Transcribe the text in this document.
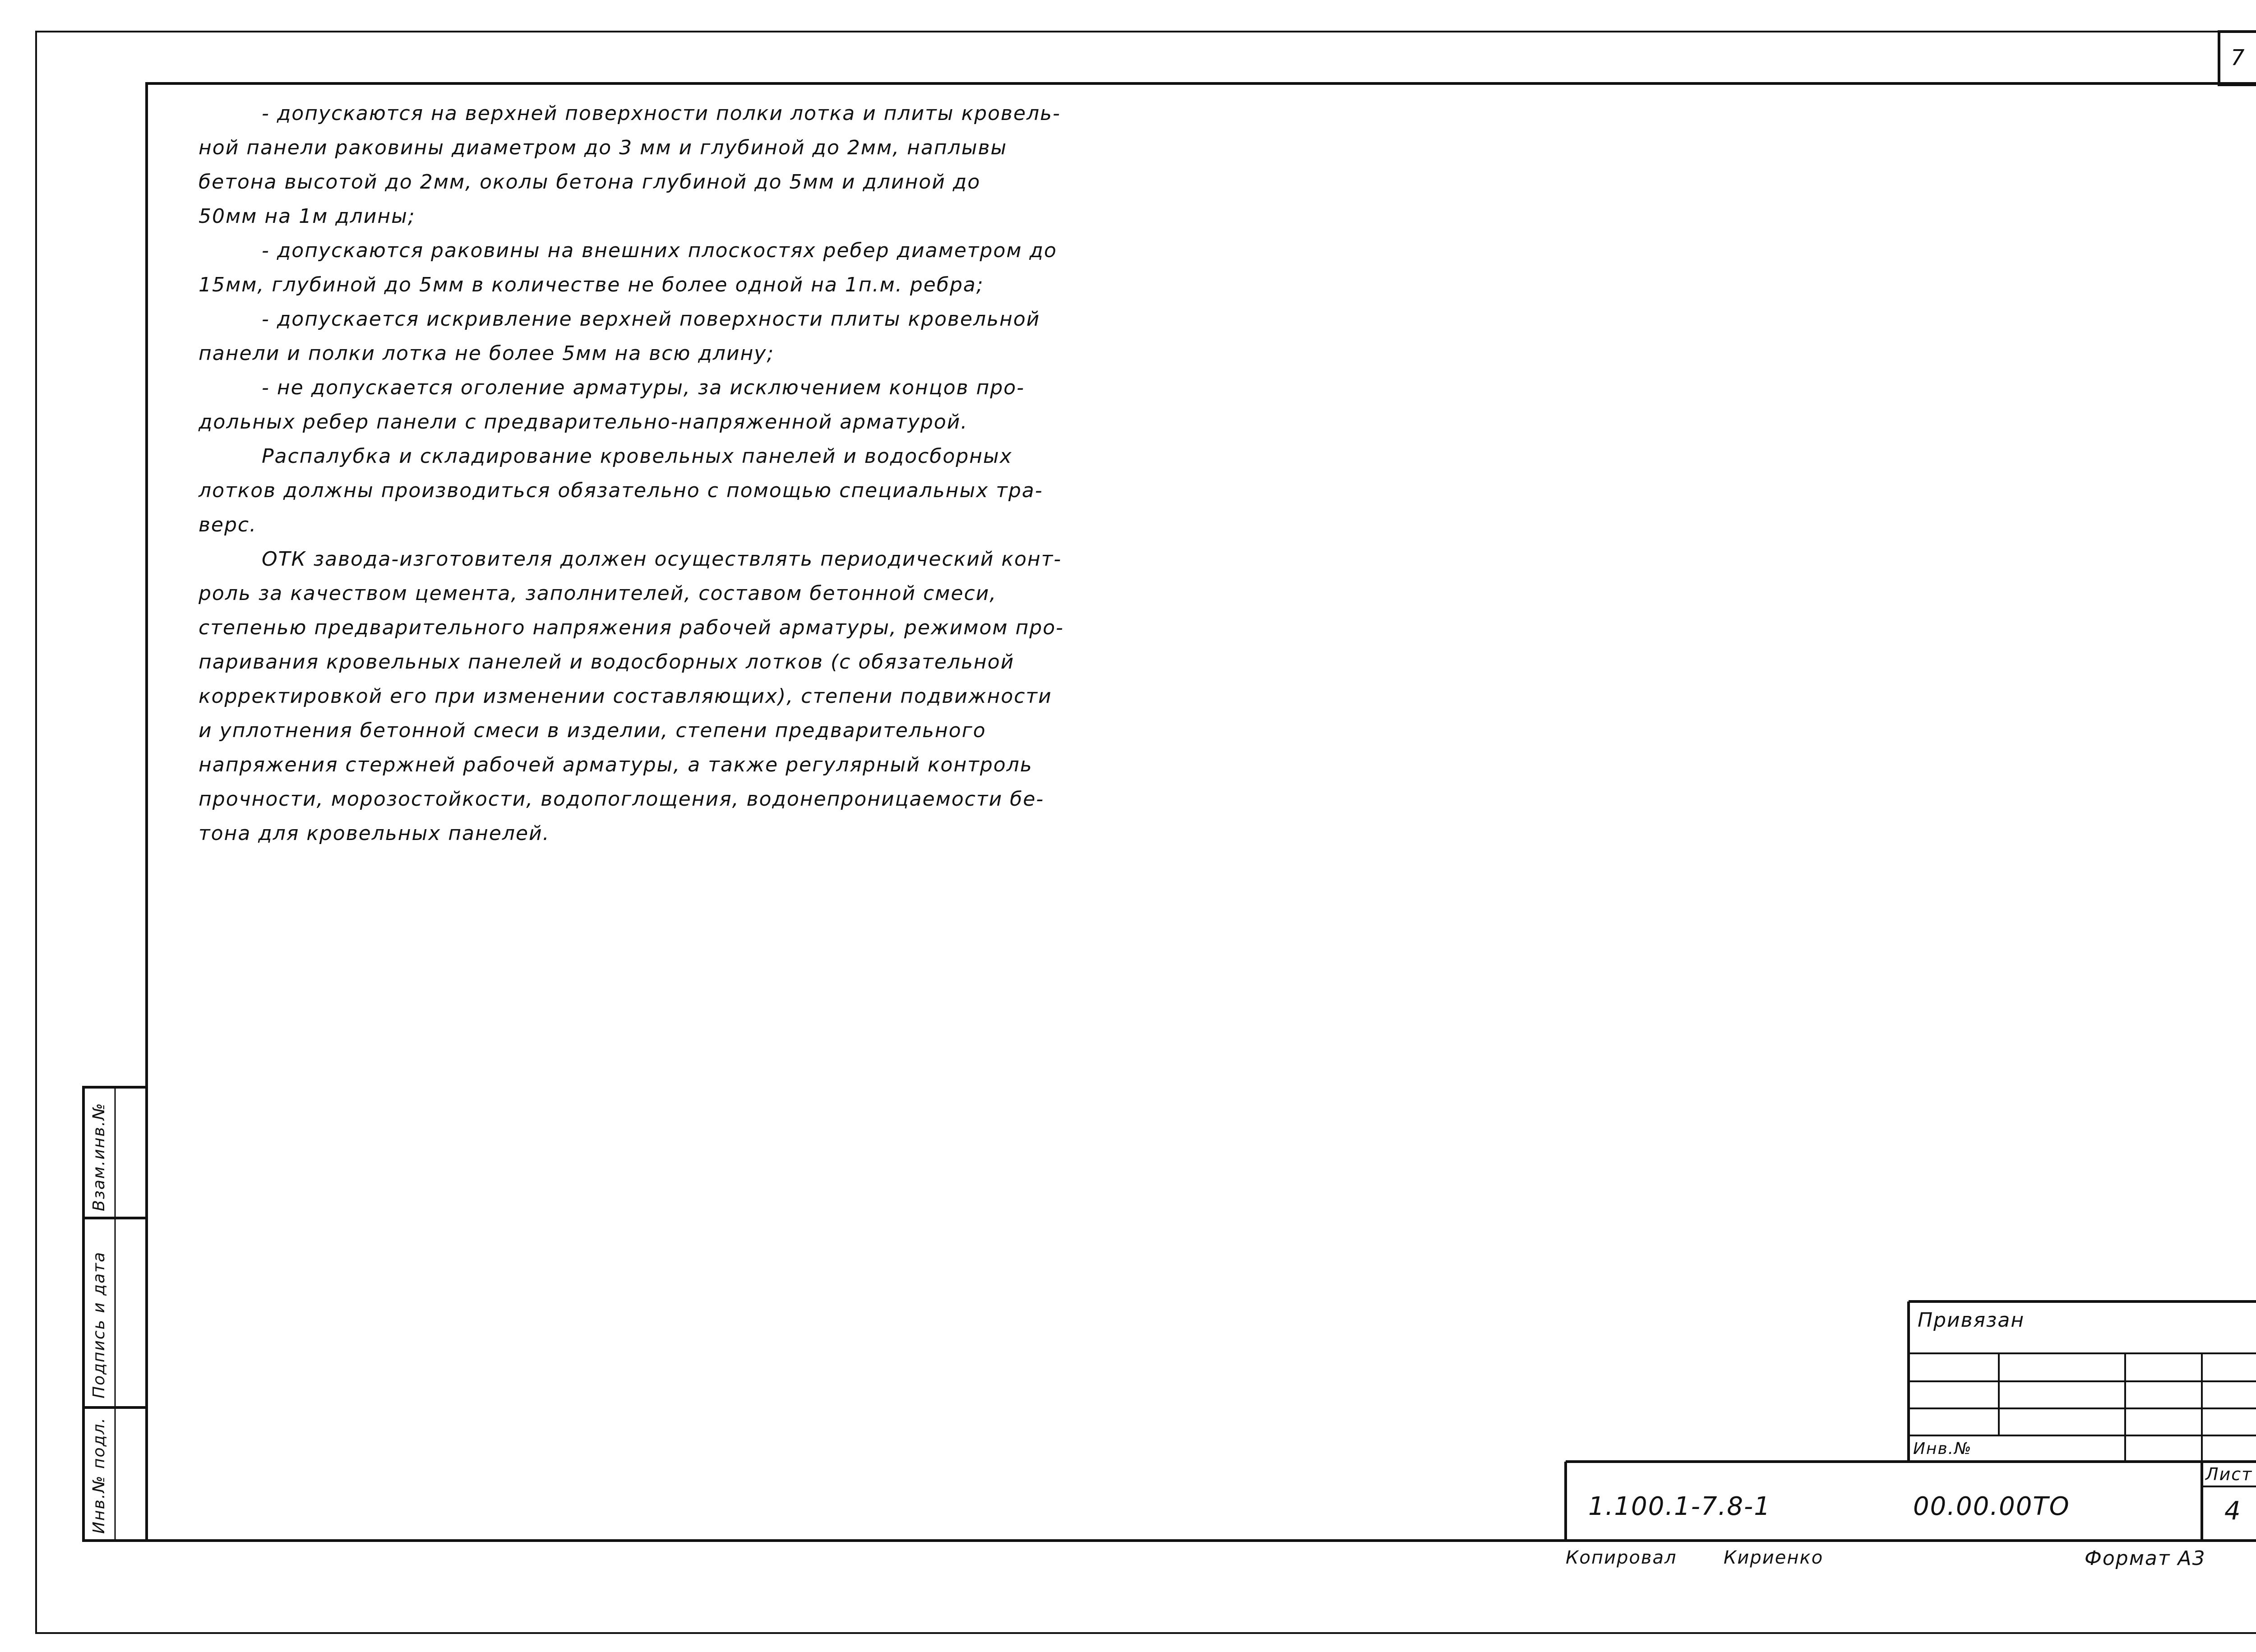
7
- допускаются на верхней поверхности полки лотка и плиты кровель-
ной панели раковины диаметром до 3 мм и глубиной до 2мм, наплывы
бетона высотой до 2мм, околы бетона глубиной до 5мм и длиной до
50мм на 1м длины;
- допускаются раковины на внешних плоскостях ребер диаметром до
15мм, глубиной до 5мм в количестве не более одной на 1п.м. ребра;
- допускается искривление верхней поверхности плиты кровельной
панели и полки лотка не более 5мм на всю длину;
- не допускается оголение арматуры, за исключением концов про-
дольных ребер панели с предварительно-напряженной арматурой.
Распалубка и складирование кровельных панелей и водосборных
лотков должны производиться обязательно с помощью специальных тра-
верс.
ОТК завода-изготовителя должен осуществлять периодический конт-
роль за качеством цемента, заполнителей, составом бетонной смеси,
степенью предварительного напряжения рабочей арматуры, режимом про-
паривания кровельных панелей и водосборных лотков (с обязательной
корректировкой его при изменении составляющих), степени подвижности
и уплотнения бетонной смеси в изделии, степени предварительного
напряжения стержней рабочей арматуры, а также регулярный контроль
прочности, морозостойкости, водопоглощения, водонепроницаемости бе-
тона для кровельных панелей.
Инв.№ подл.
Подпись и дата
Взам.инв.№
Привязан
Инв.№
Лист
1.100.1-7.8-1	00.00.00ТО	4
Копировал	Кириенко	Формат А3
